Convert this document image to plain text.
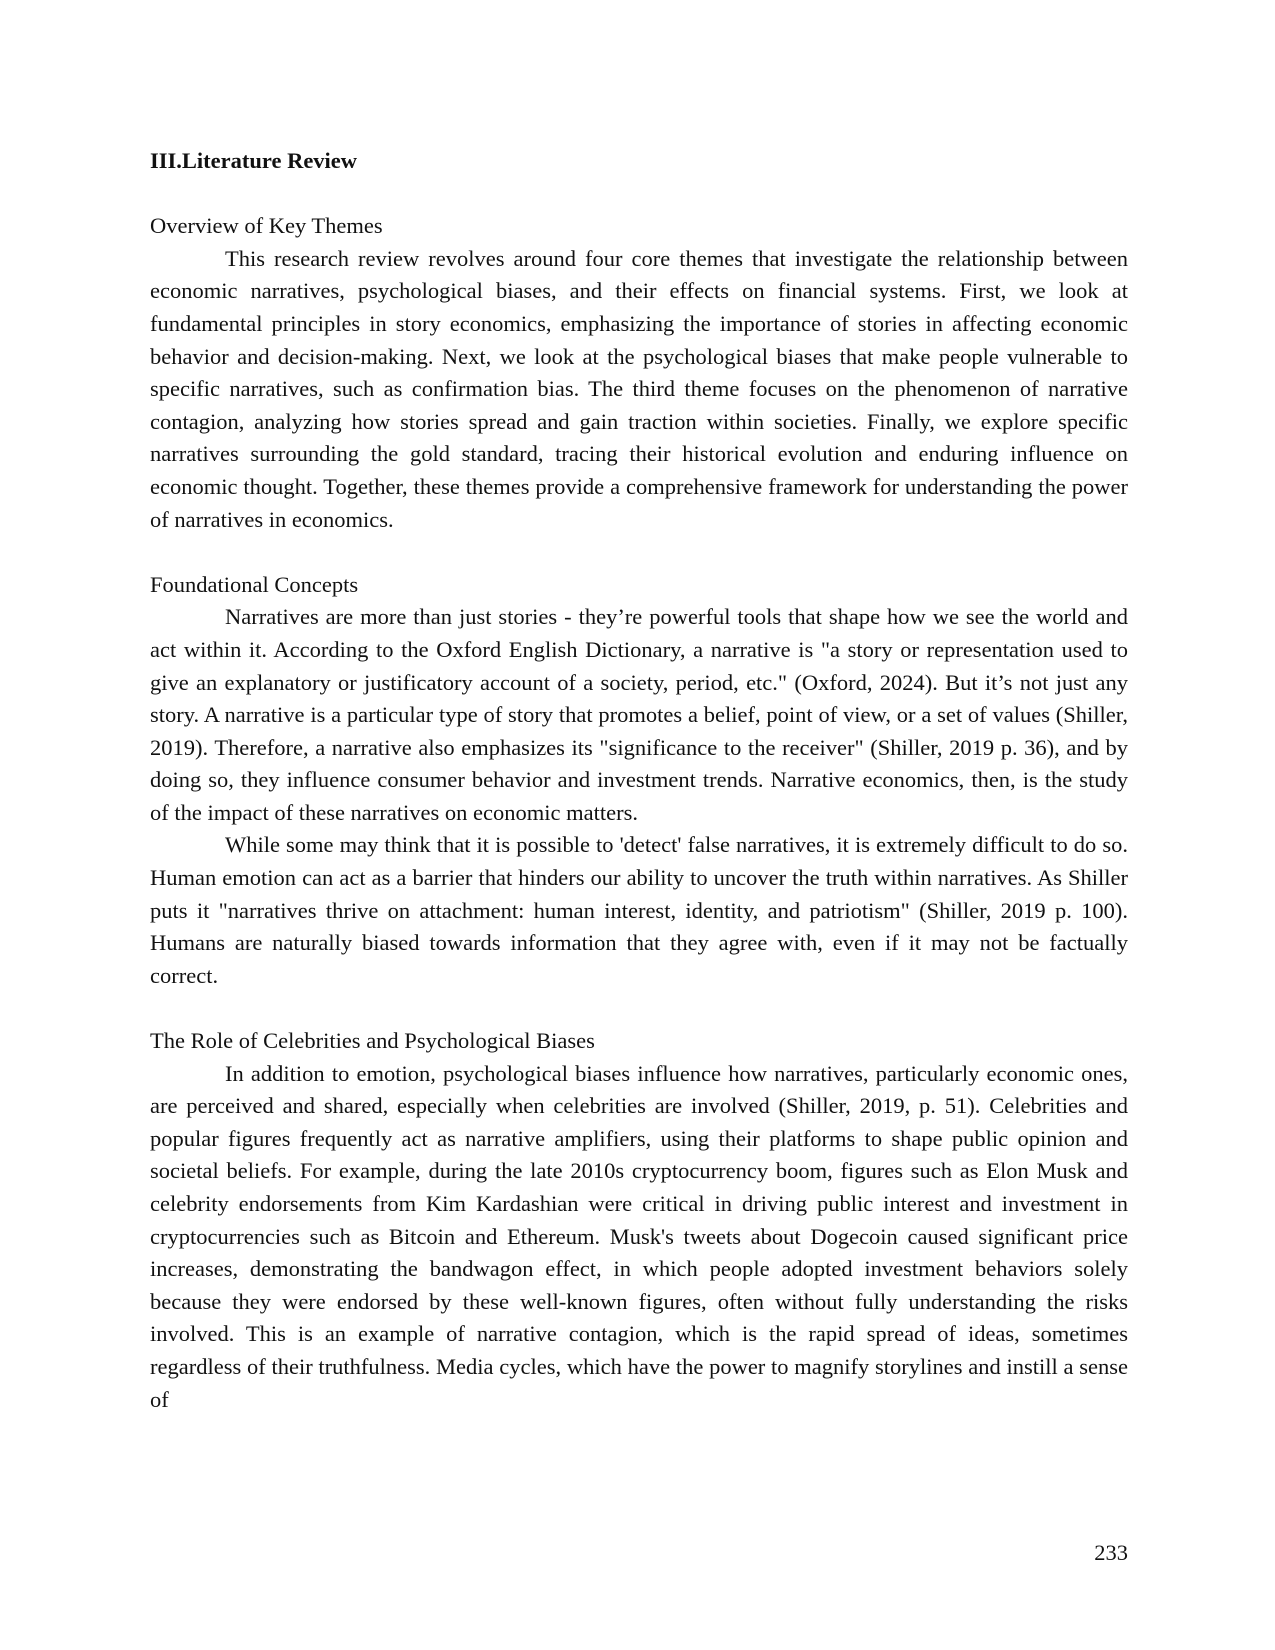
III.Literature Review

Overview of Key Themes

This research review revolves around four core themes that investigate the relationship between economic narratives, psychological biases, and their effects on financial systems. First, we look at fundamental principles in story economics, emphasizing the importance of stories in affecting economic behavior and decision-making. Next, we look at the psychological biases that make people vulnerable to specific narratives, such as confirmation bias. The third theme focuses on the phenomenon of narrative contagion, analyzing how stories spread and gain traction within societies. Finally, we explore specific narratives surrounding the gold standard, tracing their historical evolution and enduring influence on economic thought. Together, these themes provide a comprehensive framework for understanding the power of narratives in economics.

Foundational Concepts

Narratives are more than just stories - they’re powerful tools that shape how we see the world and act within it. According to the Oxford English Dictionary, a narrative is "a story or representation used to give an explanatory or justificatory account of a society, period, etc." (Oxford, 2024). But it’s not just any story. A narrative is a particular type of story that promotes a belief, point of view, or a set of values (Shiller, 2019). Therefore, a narrative also emphasizes its "significance to the receiver" (Shiller, 2019 p. 36), and by doing so, they influence consumer behavior and investment trends. Narrative economics, then, is the study of the impact of these narratives on economic matters.

While some may think that it is possible to 'detect' false narratives, it is extremely difficult to do so. Human emotion can act as a barrier that hinders our ability to uncover the truth within narratives. As Shiller puts it "narratives thrive on attachment: human interest, identity, and patriotism" (Shiller, 2019 p. 100). Humans are naturally biased towards information that they agree with, even if it may not be factually correct.

The Role of Celebrities and Psychological Biases

In addition to emotion, psychological biases influence how narratives, particularly economic ones, are perceived and shared, especially when celebrities are involved (Shiller, 2019, p. 51). Celebrities and popular figures frequently act as narrative amplifiers, using their platforms to shape public opinion and societal beliefs. For example, during the late 2010s cryptocurrency boom, figures such as Elon Musk and celebrity endorsements from Kim Kardashian were critical in driving public interest and investment in cryptocurrencies such as Bitcoin and Ethereum. Musk's tweets about Dogecoin caused significant price increases, demonstrating the bandwagon effect, in which people adopted investment behaviors solely because they were endorsed by these well-known figures, often without fully understanding the risks involved. This is an example of narrative contagion, which is the rapid spread of ideas, sometimes regardless of their truthfulness. Media cycles, which have the power to magnify storylines and instill a sense of

233
